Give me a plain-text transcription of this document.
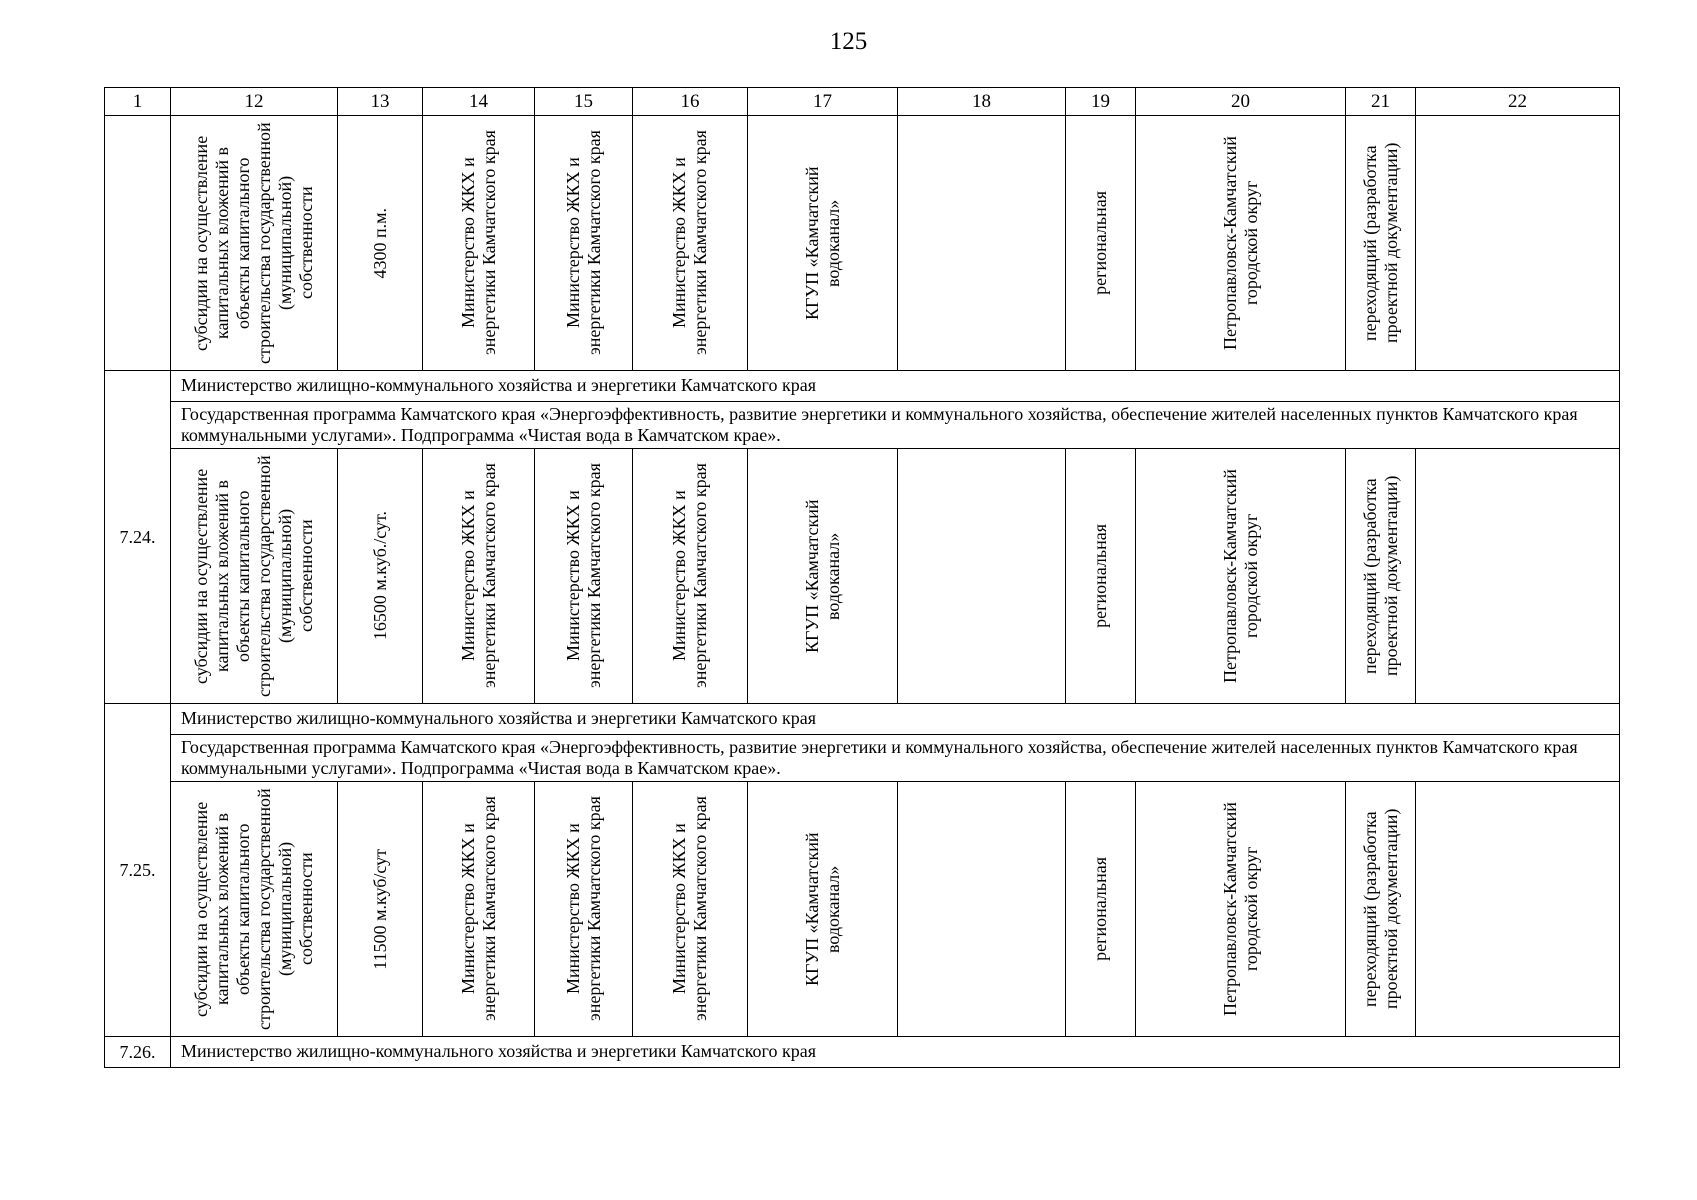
125
1	12	13	14	15	16	17	18	19	20	21	22

	субсидии на осуществление капитальных вложений в объекты капитального строительства государственной (муниципальной) собственности	4300 п.м.	Министерство ЖКХ и энергетики Камчатского края	Министерство ЖКХ и энергетики Камчатского края	Министерство ЖКХ и энергетики Камчатского края	КГУП «Камчатский водоканал»		региональная	Петропавловск-Камчатский городской округ	переходящий (разработка проектной документации)	

7.24.	Министерство жилищно-коммунального хозяйства и энергетики Камчатского края										
	Государственная программа Камчатского края «Энергоэффективность, развитие энергетики и коммунального хозяйства, обеспечение жителей населенных пунктов Камчатского края коммунальными услугами». Подпрограмма «Чистая вода в Камчатском крае».										

	субсидии на осуществление капитальных вложений в объекты капитального строительства государственной (муниципальной) собственности	16500 м.куб./сут.	Министерство ЖКХ и энергетики Камчатского края	Министерство ЖКХ и энергетики Камчатского края	Министерство ЖКХ и энергетики Камчатского края	КГУП «Камчатский водоканал»		региональная	Петропавловск-Камчатский городской округ	переходящий (разработка проектной документации)	

7.25.	Министерство жилищно-коммунального хозяйства и энергетики Камчатского края										
	Государственная программа Камчатского края «Энергоэффективность, развитие энергетики и коммунального хозяйства, обеспечение жителей населенных пунктов Камчатского края коммунальными услугами». Подпрограмма «Чистая вода в Камчатском крае».										

	субсидии на осуществление капитальных вложений в объекты капитального строительства государственной (муниципальной) собственности	11500 м.куб/сут	Министерство ЖКХ и энергетики Камчатского края	Министерство ЖКХ и энергетики Камчатского края	Министерство ЖКХ и энергетики Камчатского края	КГУП «Камчатский водоканал»		региональная	Петропавловск-Камчатский городской округ	переходящий (разработка проектной документации)	

7.26.	Министерство жилищно-коммунального хозяйства и энергетики Камчатского края										
